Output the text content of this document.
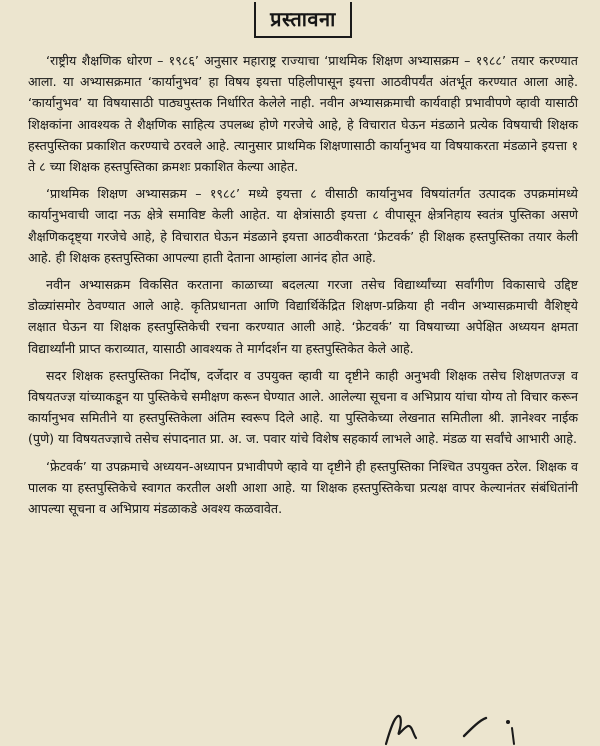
प्रस्तावना

‘राष्ट्रीय शैक्षणिक धोरण – १९८६’ अनुसार महाराष्ट्र राज्याचा ‘प्राथमिक शिक्षण अभ्यासक्रम – १९८८’ तयार करण्यात आला. या अभ्यासक्रमात ‘कार्यानुभव’ हा विषय इयत्ता पहिलीपासून इयत्ता आठवीपर्यंत अंतर्भूत करण्यात आला आहे. ‘कार्यानुभव’ या विषयासाठी पाठ्यपुस्तक निर्धारित केलेले नाही. नवीन अभ्यासक्रमाची कार्यवाही प्रभावीपणे व्हावी यासाठी शिक्षकांना आवश्यक ते शैक्षणिक साहित्य उपलब्ध होणे गरजेचे आहे, हे विचारात घेऊन मंडळाने प्रत्येक विषयाची शिक्षक हस्तपुस्तिका प्रकाशित करण्याचे ठरवले आहे. त्यानुसार प्राथमिक शिक्षणासाठी कार्यानुभव या विषयाकरता मंडळाने इयत्ता १ ते ८ च्या शिक्षक हस्तपुस्तिका क्रमशः प्रकाशित केल्या आहेत.

‘प्राथमिक शिक्षण अभ्यासक्रम – १९८८’ मध्ये इयत्ता ८ वीसाठी कार्यानुभव विषयांतर्गत उत्पादक उपक्रमांमध्ये कार्यानुभवाची जादा नऊ क्षेत्रे समाविष्ट केली आहेत. या क्षेत्रांसाठी इयत्ता ८ वीपासून क्षेत्रनिहाय स्वतंत्र पुस्तिका असणे शैक्षणिकदृष्ट्या गरजेचे आहे, हे विचारात घेऊन मंडळाने इयत्ता आठवीकरता ‘फ्रेटवर्क’ ही शिक्षक हस्तपुस्तिका तयार केली आहे. ही शिक्षक हस्तपुस्तिका आपल्या हाती देताना आम्हांला आनंद होत आहे.

नवीन अभ्यासक्रम विकसित करताना काळाच्या बदलत्या गरजा तसेच विद्यार्थ्यांच्या सर्वांगीण विकासाचे उद्दिष्ट डोळ्यांसमोर ठेवण्यात आले आहे. कृतिप्रधानता आणि विद्यार्थिकेंद्रित शिक्षण-प्रक्रिया ही नवीन अभ्यासक्रमाची वैशिष्ट्ये लक्षात घेऊन या शिक्षक हस्तपुस्तिकेची रचना करण्यात आली आहे. ‘फ्रेटवर्क’ या विषयाच्या अपेक्षित अध्ययन क्षमता विद्यार्थ्यांनी प्राप्त कराव्यात, यासाठी आवश्यक ते मार्गदर्शन या हस्तपुस्तिकेत केले आहे.

सदर शिक्षक हस्तपुस्तिका निर्दोष, दर्जेदार व उपयुक्त व्हावी या दृष्टीने काही अनुभवी शिक्षक तसेच शिक्षणतज्ज्ञ व विषयतज्ज्ञ यांच्याकडून या पुस्तिकेचे समीक्षण करून घेण्यात आले. आलेल्या सूचना व अभिप्राय यांचा योग्य तो विचार करून कार्यानुभव समितीने या हस्तपुस्तिकेला अंतिम स्वरूप दिले आहे. या पुस्तिकेच्या लेखनात समितीला श्री. ज्ञानेश्वर नाईक (पुणे) या विषयतज्ज्ञाचे तसेच संपादनात प्रा. अ. ज. पवार यांचे विशेष सहकार्य लाभले आहे. मंडळ या सर्वांचे आभारी आहे.

‘फ्रेटवर्क’ या उपक्रमाचे अध्ययन-अध्यापन प्रभावीपणे व्हावे या दृष्टीने ही हस्तपुस्तिका निश्चित उपयुक्त ठरेल. शिक्षक व पालक या हस्तपुस्तिकेचे स्वागत करतील अशी आशा आहे. या शिक्षक हस्तपुस्तिकेचा प्रत्यक्ष वापर केल्यानंतर संबंधितांनी आपल्या सूचना व अभिप्राय मंडळाकडे अवश्य कळवावेत.
